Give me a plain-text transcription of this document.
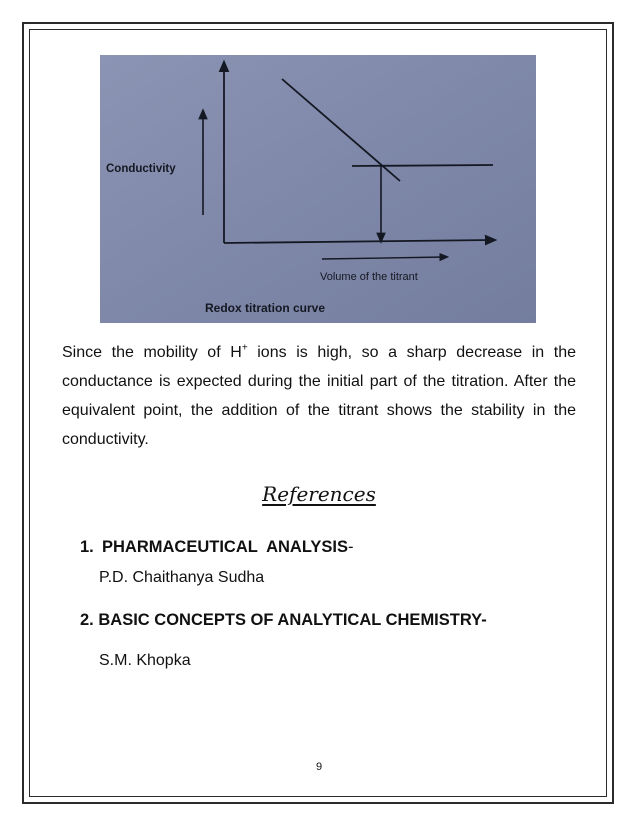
Conductivity
Volume of the titrant
Redox titration curve

Since the mobility of H+ ions is high, so a sharp decrease in the conductance is expected during the initial part of the titration. After the equivalent point, the addition of the titrant shows the stability in the conductivity.

References
1. PHARMACEUTICAL  ANALYSIS-
P.D. Chaithanya Sudha
2. BASIC CONCEPTS OF ANALYTICAL CHEMISTRY-
S.M. Khopka
9
